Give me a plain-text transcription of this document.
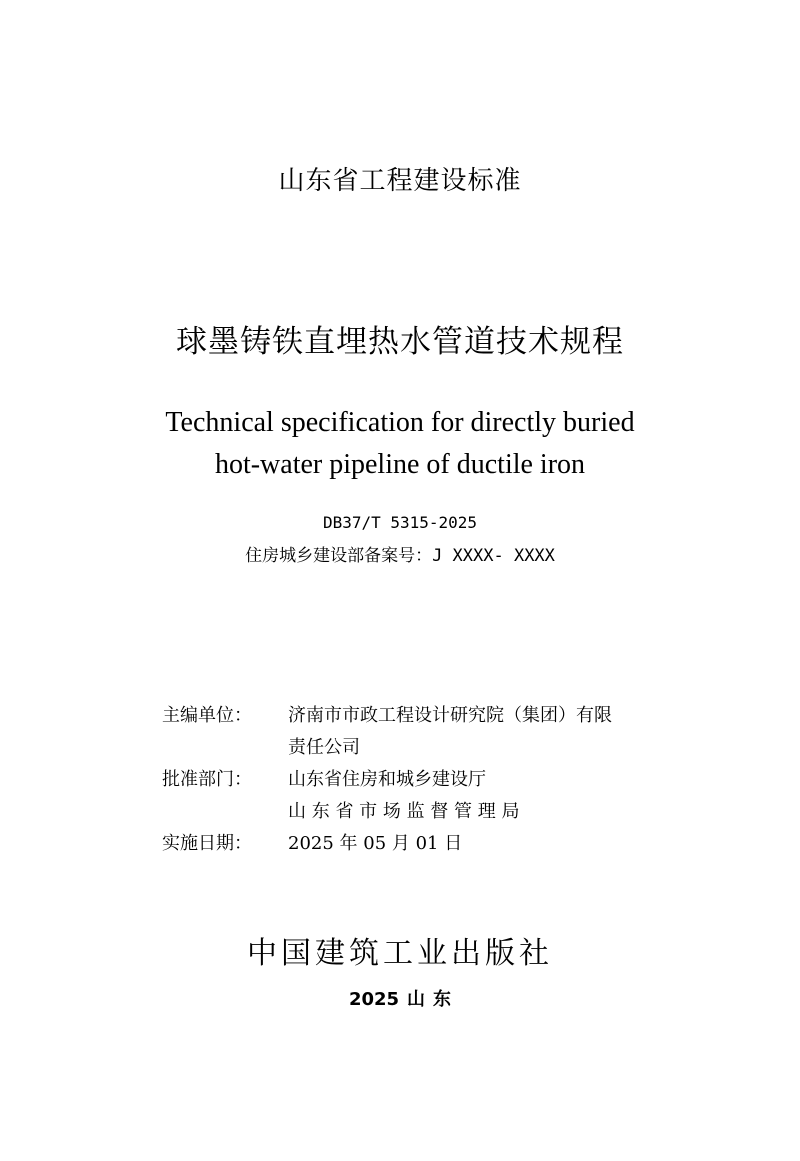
山东省工程建设标准
球墨铸铁直埋热水管道技术规程
Technical specification for directly buried
hot-water pipeline of ductile iron
DB37/T 5315-2025
住房城乡建设部备案号：J XXXX- XXXX
主编单位：	济南市市政工程设计研究院（集团）有限
责任公司
批准部门：	山东省住房和城乡建设厅
山 东 省 市 场 监 督 管 理 局
实施日期：	2025 年 05 月 01 日
中国建筑工业出版社
2025 山 东
